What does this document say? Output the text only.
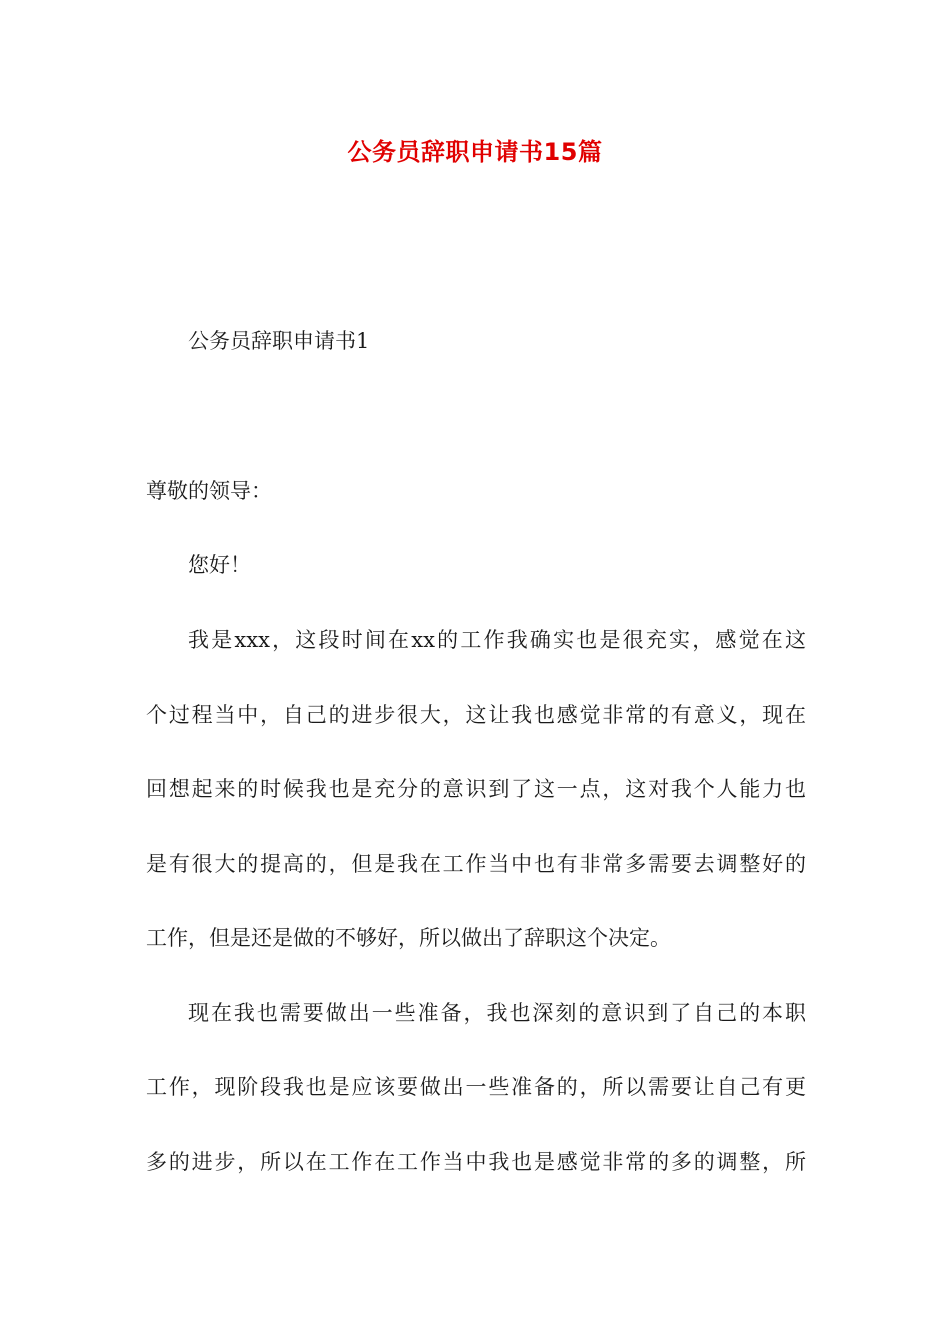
公务员辞职申请书15篇
公务员辞职申请书1
尊敬的领导：
您好！
我是xxx，这段时间在xx的工作我确实也是很充实，感觉在这
个过程当中，自己的进步很大，这让我也感觉非常的有意义，现在
回想起来的时候我也是充分的意识到了这一点，这对我个人能力也
是有很大的提高的，但是我在工作当中也有非常多需要去调整好的
工作，但是还是做的不够好，所以做出了辞职这个决定。
现在我也需要做出一些准备，我也深刻的意识到了自己的本职
工作，现阶段我也是应该要做出一些准备的，所以需要让自己有更
多的进步，所以在工作在工作当中我也是感觉非常的多的调整，所
